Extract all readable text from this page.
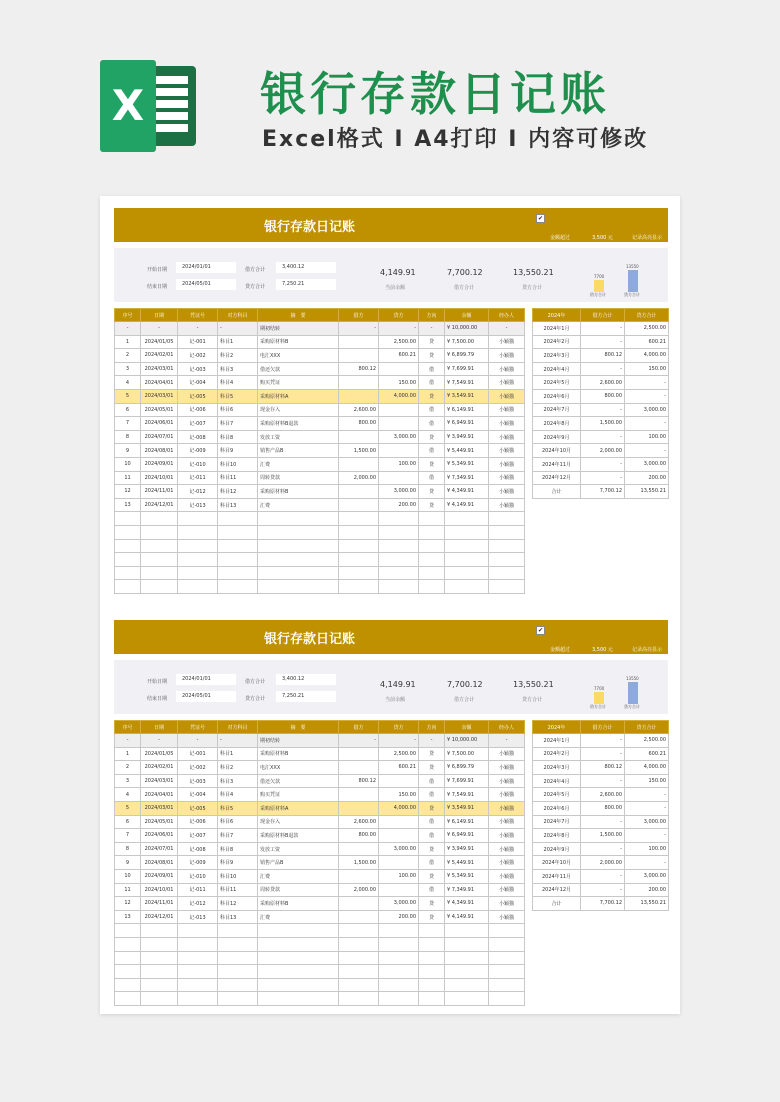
X	银行存款日记账
Excel格式 I A4打印 I 内容可修改
银行存款日记账
✔
金额超过	3,500 元	记录高亮显示
开始日期	2024/01/01
结束日期	2024/05/01
借方合计	3,400.12
贷方合计	7,250.21
4,149.91
当前余额
7,700.12
借方合计
13,550.21
贷方合计
7700
13550
借方合计	贷方合计
序号	日期	凭证号	对方科目	摘　要	借方	贷方	方向	余额	经办人
-	-	-	-	期初结转	-	-	-	¥ 10,000.00	-
1	2024/01/05	记-001	科目1	采购原材料B		2,500.00	贷	¥ 7,500.00	小颖猫
2	2024/02/01	记-002	科目2	电汇XXX		600.21	贷	¥ 6,899.79	小颖猫
3	2024/03/01	记-003	科目3	借还欠款	800.12		借	¥ 7,699.91	小颖猫
4	2024/04/01	记-004	科目4	购买凭证		150.00	借	¥ 7,549.91	小颖猫
5	2024/03/01	记-005	科目5	采购原材料A		4,000.00	贷	¥ 3,549.91	小颖猫
6	2024/05/01	记-006	科目6	现金存入	2,600.00		借	¥ 6,149.91	小颖猫
7	2024/06/01	记-007	科目7	采购原材料B退款	800.00		借	¥ 6,949.91	小颖猫
8	2024/07/01	记-008	科目8	发放工资		3,000.00	贷	¥ 3,949.91	小颖猫
9	2024/08/01	记-009	科目9	销售产品B	1,500.00		借	¥ 5,449.91	小颖猫
10	2024/09/01	记-010	科目10	汇费		100.00	贷	¥ 5,349.91	小颖猫
11	2024/10/01	记-011	科目11	周转贷款	2,000.00		借	¥ 7,349.91	小颖猫
12	2024/11/01	记-012	科目12	采购原材料B		3,000.00	贷	¥ 4,349.91	小颖猫
13	2024/12/01	记-013	科目13	汇费		200.00	贷	¥ 4,149.91	小颖猫

2024年	借方合计	贷方合计
2024年1月	-	2,500.00
2024年2月	-	600.21
2024年3月	800.12	4,000.00
2024年4月	-	150.00
2024年5月	2,600.00	-
2024年6月	800.00	-
2024年7月	-	3,000.00
2024年8月	1,500.00	-
2024年9月	-	100.00
2024年10月	2,000.00	-
2024年11月	-	3,000.00
2024年12月	-	200.00
合计	7,700.12	13,550.21
银行存款日记账
✔
金额超过	3,500 元	记录高亮显示
开始日期	2024/01/01
结束日期	2024/05/01
借方合计	3,400.12
贷方合计	7,250.21
4,149.91
当前余额
7,700.12
借方合计
13,550.21
贷方合计
7700
13550
借方合计	贷方合计
序号	日期	凭证号	对方科目	摘　要	借方	贷方	方向	余额	经办人
-	-	-	-	期初结转	-	-	-	¥ 10,000.00	-
1	2024/01/05	记-001	科目1	采购原材料B		2,500.00	贷	¥ 7,500.00	小颖猫
2	2024/02/01	记-002	科目2	电汇XXX		600.21	贷	¥ 6,899.79	小颖猫
3	2024/03/01	记-003	科目3	借还欠款	800.12		借	¥ 7,699.91	小颖猫
4	2024/04/01	记-004	科目4	购买凭证		150.00	借	¥ 7,549.91	小颖猫
5	2024/03/01	记-005	科目5	采购原材料A		4,000.00	贷	¥ 3,549.91	小颖猫
6	2024/05/01	记-006	科目6	现金存入	2,600.00		借	¥ 6,149.91	小颖猫
7	2024/06/01	记-007	科目7	采购原材料B退款	800.00		借	¥ 6,949.91	小颖猫
8	2024/07/01	记-008	科目8	发放工资		3,000.00	贷	¥ 3,949.91	小颖猫
9	2024/08/01	记-009	科目9	销售产品B	1,500.00		借	¥ 5,449.91	小颖猫
10	2024/09/01	记-010	科目10	汇费		100.00	贷	¥ 5,349.91	小颖猫
11	2024/10/01	记-011	科目11	周转贷款	2,000.00		借	¥ 7,349.91	小颖猫
12	2024/11/01	记-012	科目12	采购原材料B		3,000.00	贷	¥ 4,349.91	小颖猫
13	2024/12/01	记-013	科目13	汇费		200.00	贷	¥ 4,149.91	小颖猫

2024年	借方合计	贷方合计
2024年1月	-	2,500.00
2024年2月	-	600.21
2024年3月	800.12	4,000.00
2024年4月	-	150.00
2024年5月	2,600.00	-
2024年6月	800.00	-
2024年7月	-	3,000.00
2024年8月	1,500.00	-
2024年9月	-	100.00
2024年10月	2,000.00	-
2024年11月	-	3,000.00
2024年12月	-	200.00
合计	7,700.12	13,550.21
